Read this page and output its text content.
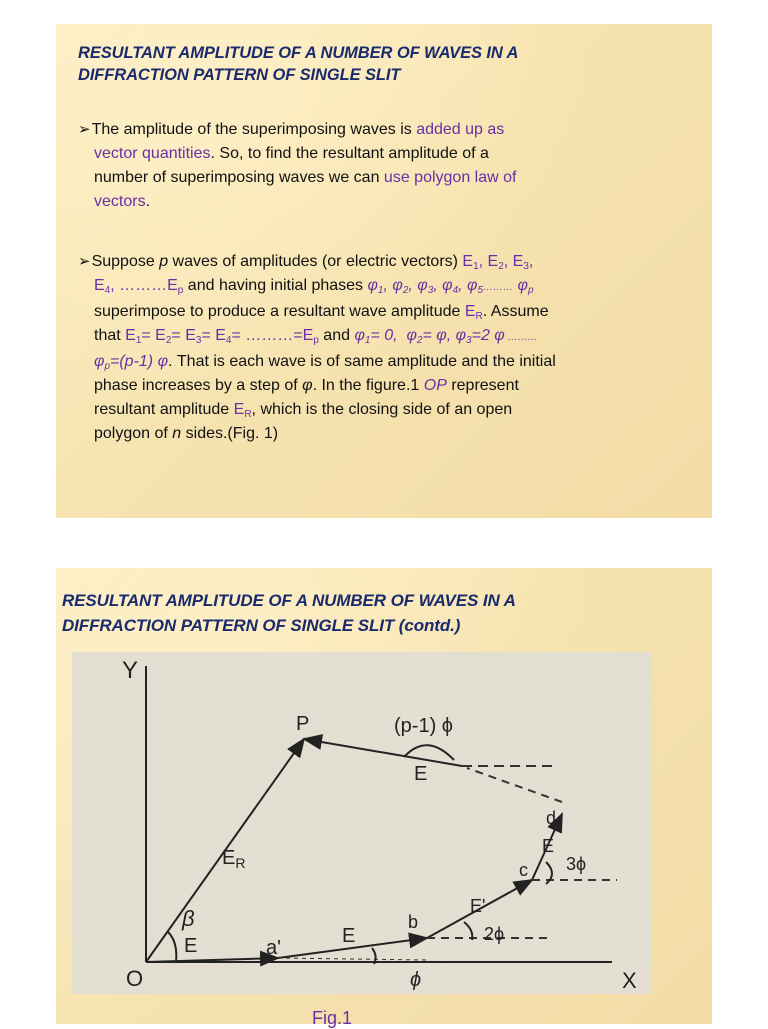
RESULTANT AMPLITUDE OF A NUMBER OF WAVES IN A
DIFFRACTION PATTERN OF SINGLE SLIT
➢The amplitude of the superimposing waves is added up as
vector quantities. So, to find the resultant amplitude of a
number of superimposing waves we can use polygon law of
vectors.
➢Suppose p waves of amplitudes (or electric vectors) $E_1$, $E_2$, $E_3$,
$E_4$, $\dots\dots\dots E_p$ and having initial phases $\varphi_1$, $\varphi_2$, $\varphi_3$, $\varphi_4$, $\varphi_5\dots\dots\dots$ $\varphi_p$
superimpose to produce a resultant wave amplitude $E_R$. Assume
that $E_1= E_2= E_3= E_4=$ $\dots\dots\dots=E_p$ and $\varphi_1= 0$, $\varphi_2= \varphi$, $\varphi_3=2$ φ ………
$\varphi_p=(p-1)$ φ. That is each wave is of same amplitude and the initial
phase increases by a step of φ. In the figure.1 OP represent
resultant amplitude $E_R$, which is the closing side of an open
polygon of n sides.(Fig. 1)
RESULTANT AMPLITUDE OF A NUMBER OF WAVES IN A
DIFFRACTION PATTERN OF SINGLE SLIT (contd.)
Y
X
O
P	(p-1) ϕ
E
d
E
3ϕ
c
E'
2ϕ
b
E
a'
ϕ
$E_R$
β
E
Fig.1
